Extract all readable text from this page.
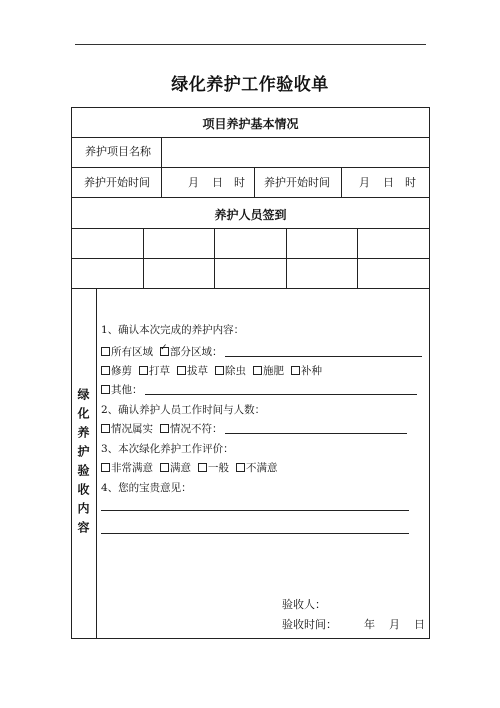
绿化养护工作验收单
项目养护基本情况
养护项目名称
养护开始时间	月 日 时 养护开始时间	月 日 时
养护人员签到
绿化养护验收内容
1、确认本次完成的养护内容：
所有区域
✓ 部分区域：
修剪 打草 拔草 除虫 施肥 补种
其他：
2、确认养护人员工作时间与人数：
情况属实 情况不符：
3、本次绿化养护工作评价：
非常满意 满意 一般 不满意
4、您的宝贵意见：
验收人：
验收时间： 年 月 日
